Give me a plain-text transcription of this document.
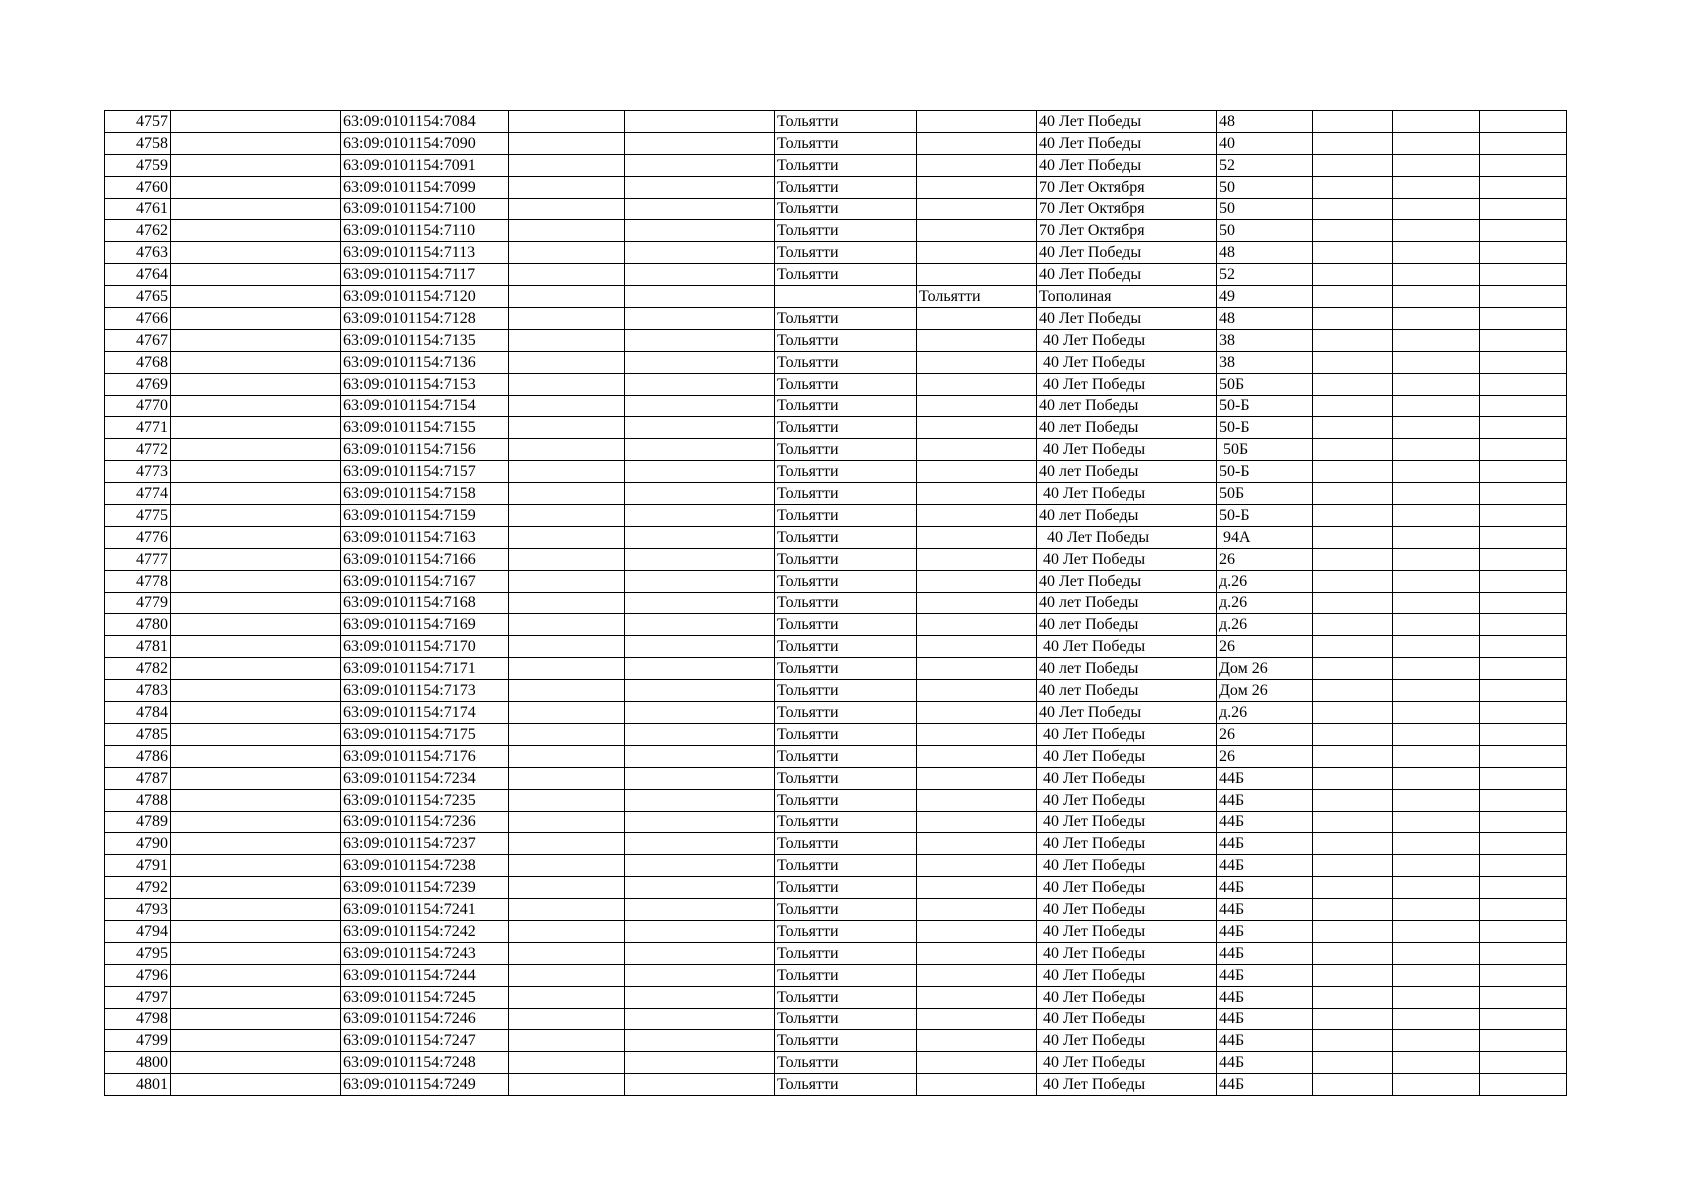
4757		63:09:0101154:7084			Тольятти		40 Лет Победы	48			
4758		63:09:0101154:7090			Тольятти		40 Лет Победы	40			
4759		63:09:0101154:7091			Тольятти		40 Лет Победы	52			
4760		63:09:0101154:7099			Тольятти		70 Лет Октября	50			
4761		63:09:0101154:7100			Тольятти		70 Лет Октября	50			
4762		63:09:0101154:7110			Тольятти		70 Лет Октября	50			
4763		63:09:0101154:7113			Тольятти		40 Лет Победы	48			
4764		63:09:0101154:7117			Тольятти		40 Лет Победы	52			
4765		63:09:0101154:7120				Тольятти	Тополиная	49			
4766		63:09:0101154:7128			Тольятти		40 Лет Победы	48			
4767		63:09:0101154:7135			Тольятти		40 Лет Победы	38			
4768		63:09:0101154:7136			Тольятти		40 Лет Победы	38			
4769		63:09:0101154:7153			Тольятти		40 Лет Победы	50Б			
4770		63:09:0101154:7154			Тольятти		40 лет Победы	50-Б			
4771		63:09:0101154:7155			Тольятти		40 лет Победы	50-Б			
4772		63:09:0101154:7156			Тольятти		40 Лет Победы	50Б			
4773		63:09:0101154:7157			Тольятти		40 лет Победы	50-Б			
4774		63:09:0101154:7158			Тольятти		40 Лет Победы	50Б			
4775		63:09:0101154:7159			Тольятти		40 лет Победы	50-Б			
4776		63:09:0101154:7163			Тольятти		40 Лет Победы	94А			
4777		63:09:0101154:7166			Тольятти		40 Лет Победы	26			
4778		63:09:0101154:7167			Тольятти		40 Лет Победы	д.26			
4779		63:09:0101154:7168			Тольятти		40 лет Победы	д.26			
4780		63:09:0101154:7169			Тольятти		40 лет Победы	д.26			
4781		63:09:0101154:7170			Тольятти		40 Лет Победы	26			
4782		63:09:0101154:7171			Тольятти		40 лет Победы	Дом 26			
4783		63:09:0101154:7173			Тольятти		40 лет Победы	Дом 26			
4784		63:09:0101154:7174			Тольятти		40 Лет Победы	д.26			
4785		63:09:0101154:7175			Тольятти		40 Лет Победы	26			
4786		63:09:0101154:7176			Тольятти		40 Лет Победы	26			
4787		63:09:0101154:7234			Тольятти		40 Лет Победы	44Б			
4788		63:09:0101154:7235			Тольятти		40 Лет Победы	44Б			
4789		63:09:0101154:7236			Тольятти		40 Лет Победы	44Б			
4790		63:09:0101154:7237			Тольятти		40 Лет Победы	44Б			
4791		63:09:0101154:7238			Тольятти		40 Лет Победы	44Б			
4792		63:09:0101154:7239			Тольятти		40 Лет Победы	44Б			
4793		63:09:0101154:7241			Тольятти		40 Лет Победы	44Б			
4794		63:09:0101154:7242			Тольятти		40 Лет Победы	44Б			
4795		63:09:0101154:7243			Тольятти		40 Лет Победы	44Б			
4796		63:09:0101154:7244			Тольятти		40 Лет Победы	44Б			
4797		63:09:0101154:7245			Тольятти		40 Лет Победы	44Б			
4798		63:09:0101154:7246			Тольятти		40 Лет Победы	44Б			
4799		63:09:0101154:7247			Тольятти		40 Лет Победы	44Б			
4800		63:09:0101154:7248			Тольятти		40 Лет Победы	44Б			
4801		63:09:0101154:7249			Тольятти		40 Лет Победы	44Б			
